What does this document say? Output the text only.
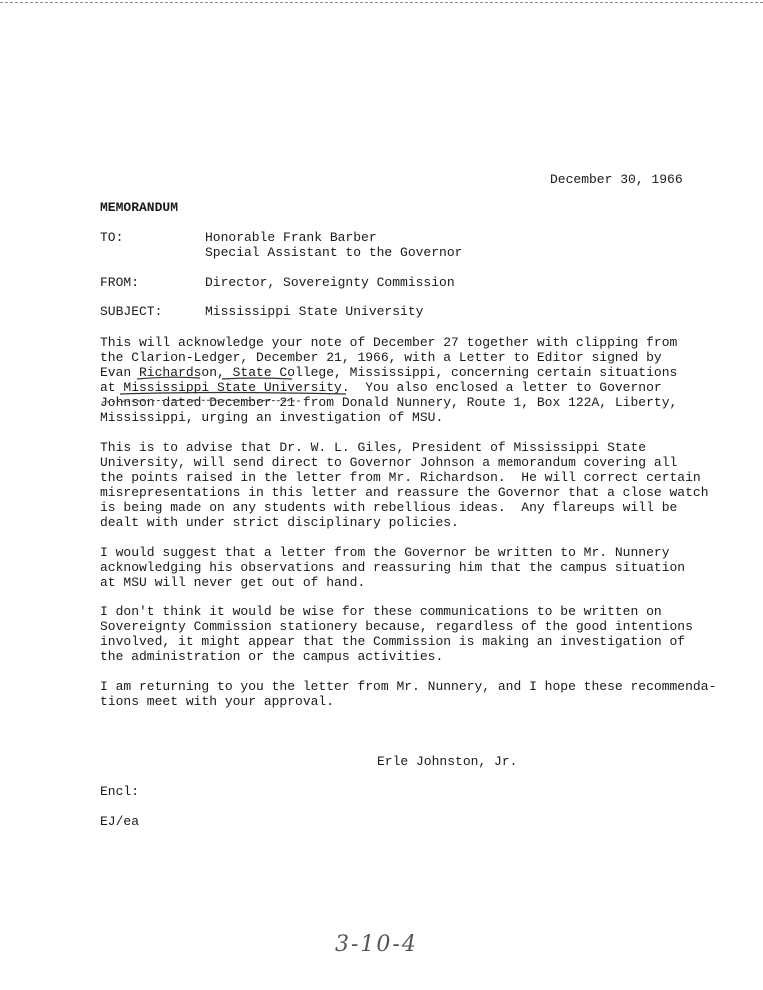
December 30, 1966
MEMORANDUM
TO:	Honorable Frank Barber
Special Assistant to the Governor
FROM:	Director, Sovereignty Commission
SUBJECT:	Mississippi State University
This will acknowledge your note of December 27 together with clipping from
the Clarion-Ledger, December 21, 1966, with a Letter to Editor signed by
Evan Richardson, State College, Mississippi, concerning certain situations
at Mississippi State University.  You also enclosed a letter to Governor
Johnson dated December 21 from Donald Nunnery, Route 1, Box 122A, Liberty,
Mississippi, urging an investigation of MSU.
This is to advise that Dr. W. L. Giles, President of Mississippi State
University, will send direct to Governor Johnson a memorandum covering all
the points raised in the letter from Mr. Richardson.  He will correct certain
misrepresentations in this letter and reassure the Governor that a close watch
is being made on any students with rebellious ideas.  Any flareups will be
dealt with under strict disciplinary policies.
I would suggest that a letter from the Governor be written to Mr. Nunnery
acknowledging his observations and reassuring him that the campus situation
at MSU will never get out of hand.
I don't think it would be wise for these communications to be written on
Sovereignty Commission stationery because, regardless of the good intentions
involved, it might appear that the Commission is making an investigation of
the administration or the campus activities.
I am returning to you the letter from Mr. Nunnery, and I hope these recommenda-
tions meet with your approval.
Erle Johnston, Jr.
Encl:
EJ/ea
3-10-4
